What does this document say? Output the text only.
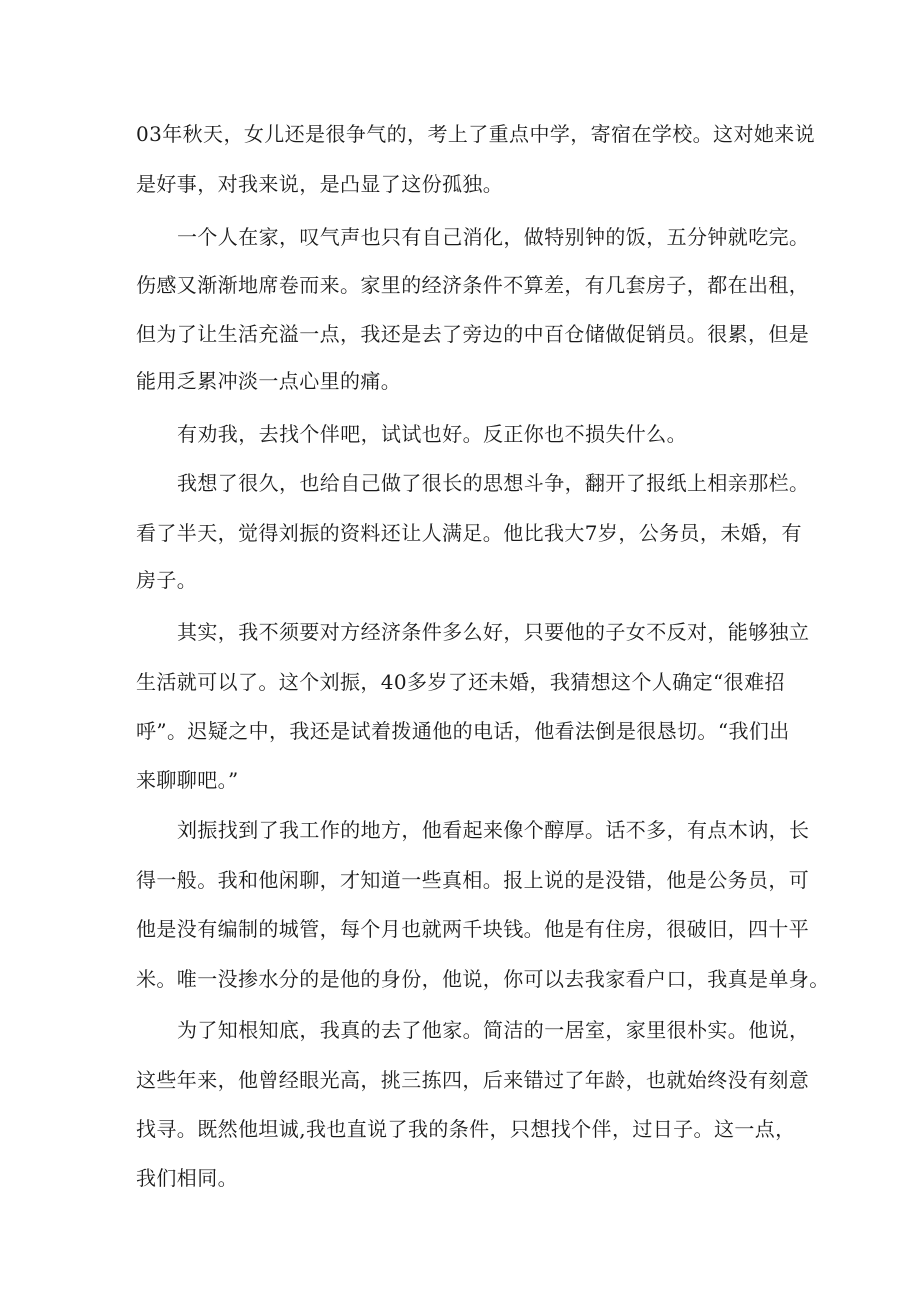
03年秋天，女儿还是很争气的，考上了重点中学，寄宿在学校。这对她来说

是好事，对我来说，是凸显了这份孤独。

一个人在家，叹气声也只有自己消化，做特别钟的饭，五分钟就吃完。

伤感又渐渐地席卷而来。家里的经济条件不算差，有几套房子，都在出租，

但为了让生活充溢一点，我还是去了旁边的中百仓储做促销员。很累，但是

能用乏累冲淡一点心里的痛。

有劝我，去找个伴吧，试试也好。反正你也不损失什么。

我想了很久，也给自己做了很长的思想斗争，翻开了报纸上相亲那栏。

看了半天，觉得刘振的资料还让人满足。他比我大7岁，公务员，未婚，有

房子。

其实，我不须要对方经济条件多么好，只要他的子女不反对，能够独立

生活就可以了。这个刘振，40多岁了还未婚，我猜想这个人确定“很难招

呼”。迟疑之中，我还是试着拨通他的电话，他看法倒是很恳切。“我们出

来聊聊吧。”

刘振找到了我工作的地方，他看起来像个醇厚。话不多，有点木讷，长

得一般。我和他闲聊，才知道一些真相。报上说的是没错，他是公务员，可

他是没有编制的城管，每个月也就两千块钱。他是有住房，很破旧，四十平

米。唯一没掺水分的是他的身份，他说，你可以去我家看户口，我真是单身。

为了知根知底，我真的去了他家。简洁的一居室，家里很朴实。他说，

这些年来，他曾经眼光高，挑三拣四，后来错过了年龄，也就始终没有刻意

找寻。既然他坦诚,我也直说了我的条件，只想找个伴，过日子。这一点，

我们相同。
